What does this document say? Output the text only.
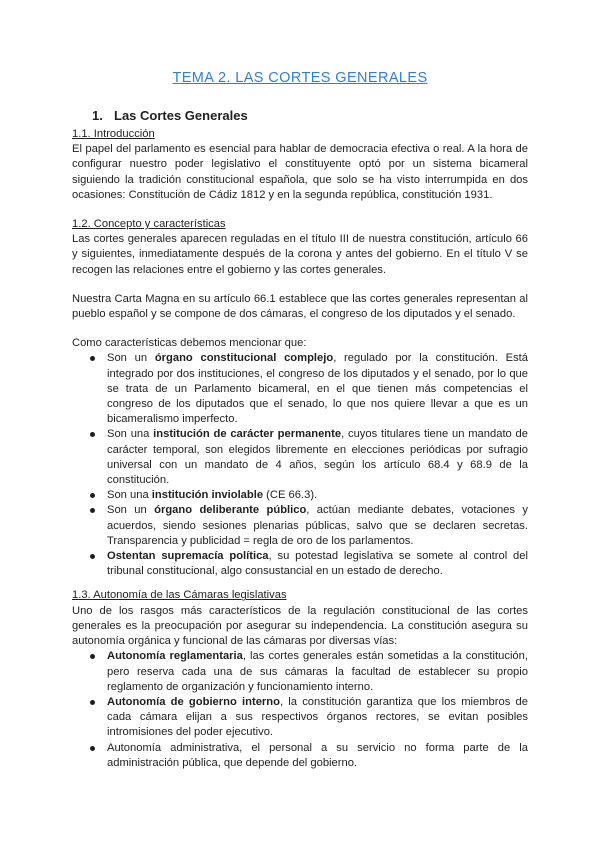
TEMA 2. LAS CORTES GENERALES
1. Las Cortes Generales
1.1. Introducción

El papel del parlamento es esencial para hablar de democracia efectiva o real. A la hora de configurar nuestro poder legislativo el constituyente optó por un sistema bicameral siguiendo la tradición constitucional española, que solo se ha visto interrumpida en dos ocasiones: Constitución de Cádiz 1812 y en la segunda república, constitución 1931.

1.2. Concepto y características

Las cortes generales aparecen reguladas en el título III de nuestra constitución, artículo 66 y siguientes, inmediatamente después de la corona y antes del gobierno. En el título V se recogen las relaciones entre el gobierno y las cortes generales.

Nuestra Carta Magna en su artículo 66.1 establece que las cortes generales representan al pueblo español y se compone de dos cámaras, el congreso de los diputados y el senado.

Como características debemos mencionar que:

Son un órgano constitucional complejo, regulado por la constitución. Está integrado por dos instituciones, el congreso de los diputados y el senado, por lo que se trata de un Parlamento bicameral, en el que tienen más competencias el congreso de los diputados que el senado, lo que nos quiere llevar a que es un bicameralismo imperfecto.
Son una institución de carácter permanente, cuyos titulares tiene un mandato de carácter temporal, son elegidos libremente en elecciones periódicas por sufragio universal con un mandato de 4 años, según los artículo 68.4 y 68.9 de la constitución.
Son una institución inviolable (CE 66.3).
Son un órgano deliberante público, actúan mediante debates, votaciones y acuerdos, siendo sesiones plenarias públicas, salvo que se declaren secretas. Transparencia y publicidad = regla de oro de los parlamentos.
Ostentan supremacía política, su potestad legislativa se somete al control del tribunal constitucional, algo consustancial en un estado de derecho.
1.3. Autonomía de las Cámaras legislativas

Uno de los rasgos más característicos de la regulación constitucional de las cortes generales es la preocupación por asegurar su independencia. La constitución asegura su autonomía orgánica y funcional de las cámaras por diversas vías:

Autonomía reglamentaria, las cortes generales están sometidas a la constitución, pero reserva cada una de sus cámaras la facultad de establecer su propio reglamento de organización y funcionamiento interno.
Autonomía de gobierno interno, la constitución garantiza que los miembros de cada cámara elijan a sus respectivos órganos rectores, se evitan posibles intromisiones del poder ejecutivo.
Autonomía administrativa, el personal a su servicio no forma parte de la administración pública, que depende del gobierno.
